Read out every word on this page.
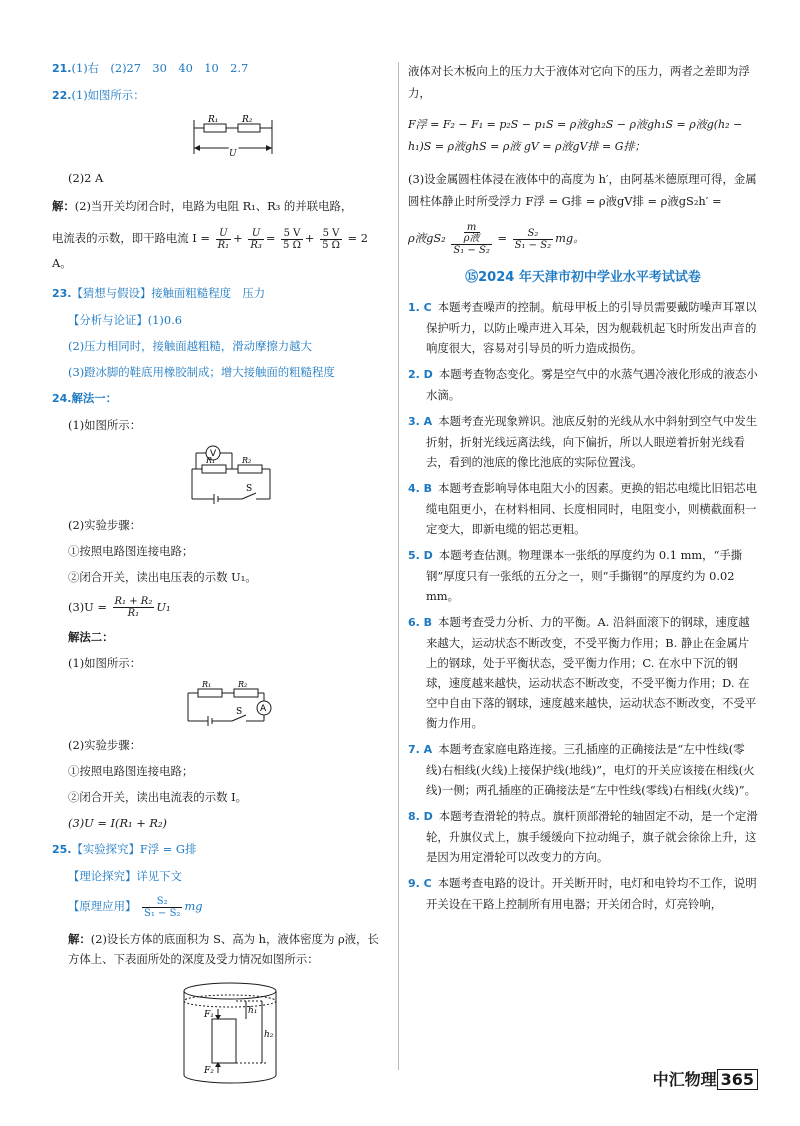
21.(1)右　(2)27　30　40　10　2.7
22.(1)如图所示：
R₁	R₂
U
(2)2 A
解：(2)当开关均闭合时，电路为电阻 R₁、R₃ 的并联电路，
电流表的示数，即干路电流 $I = \frac{U}{\text{R₁}} + \frac{U}{\text{R₃}} = \frac{5 V}{5 \Omega} + \frac{5 V}{5 \Omega} = 2$ A。
23.【猜想与假设】接触面粗糙程度　压力
【分析与论证】(1)0.6
(2)压力相同时，接触面越粗糙，滑动摩擦力越大
(3)蹬冰脚的鞋底用橡胶制成；增大接触面的粗糙程度
24.解法一：
(1)如图所示：
V
R₁	R₂
S
(2)实验步骤：
①按照电路图连接电路；
②闭合开关，读出电压表的示数 U₁。
$(3)U = \frac{\text{R₁ + R₂}}{\text{R₁}} U_1$
解法二：
(1)如图所示：
A
R₁	R₂
S
(2)实验步骤：
①按照电路图连接电路；
②闭合开关，读出电流表的示数 I。
(3)U = I(R₁ + R₂)
25.【实验探究】F浮 = G排
【理论探究】详见下文
【原理应用】 $\frac{\text{S₂}}{\text{S₁ − S₂}}$ mg
解：(2)设长方体的底面积为 S、高为 h，液体密度为 ρ液，长方体上、下表面所处的深度及受力情况如图所示：
F₁
F₂
h₁
h₂
液体对长木板向上的压力大于液体对它向下的压力，两者之差即为浮力，
F浮 = F₂ − F₁ = p₂S − p₁S = ρ液gh₂S − ρ液gh₁S = ρ液g(h₂ − h₁)S = ρ液ghS = ρ液 gV = ρ液gV排 = G排；
(3)设金属圆柱体浸在液体中的高度为 h′，由阿基米德原理可得，金属圆柱体静止时所受浮力 F浮 = G排 = ρ液gV排 = ρ液gS₂h′ =
ρ液gS₂
m
ρ液
S₁ − S₂
= $\frac{\text{S₂}}{\text{S₁ − S₂}}$ mg。
⑮2024 年天津市初中学业水平考试试卷
1. C 本题考查噪声的控制。航母甲板上的引导员需要戴防噪声耳罩以保护听力，以防止噪声进入耳朵，因为舰载机起飞时所发出声音的响度很大，容易对引导员的听力造成损伤。
2. D 本题考查物态变化。雾是空气中的水蒸气遇冷液化形成的液态小水滴。
3. A 本题考查光现象辨识。池底反射的光线从水中斜射到空气中发生折射，折射光线远离法线，向下偏折，所以人眼逆着折射光线看去，看到的池底的像比池底的实际位置浅。
4. B 本题考查影响导体电阻大小的因素。更换的铝芯电缆比旧铝芯电缆电阻更小，在材料相同、长度相同时，电阻变小，则横截面积一定变大，即新电缆的铝芯更粗。
5. D 本题考查估测。物理课本一张纸的厚度约为 0.1 mm，“手撕钢”厚度只有一张纸的五分之一，则“手撕钢”的厚度约为 0.02 mm。
6. B 本题考查受力分析、力的平衡。A. 沿斜面滚下的钢球，速度越来越大，运动状态不断改变，不受平衡力作用；B. 静止在金属片上的钢球，处于平衡状态，受平衡力作用；C. 在水中下沉的钢球，速度越来越快，运动状态不断改变，不受平衡力作用；D. 在空中自由下落的钢球，速度越来越快，运动状态不断改变，不受平衡力作用。
7. A 本题考查家庭电路连接。三孔插座的正确接法是“左中性线(零线)右相线(火线)上接保护线(地线)”，电灯的开关应该接在相线(火线)一侧；两孔插座的正确接法是“左中性线(零线)右相线(火线)”。
8. D 本题考查滑轮的特点。旗杆顶部滑轮的轴固定不动，是一个定滑轮，升旗仪式上，旗手缓缓向下拉动绳子，旗子就会徐徐上升，这是因为用定滑轮可以改变力的方向。
9. C 本题考查电路的设计。开关断开时，电灯和电铃均不工作，说明开关设在干路上控制所有用电器；开关闭合时，灯亮铃响，
中汇物理 365
